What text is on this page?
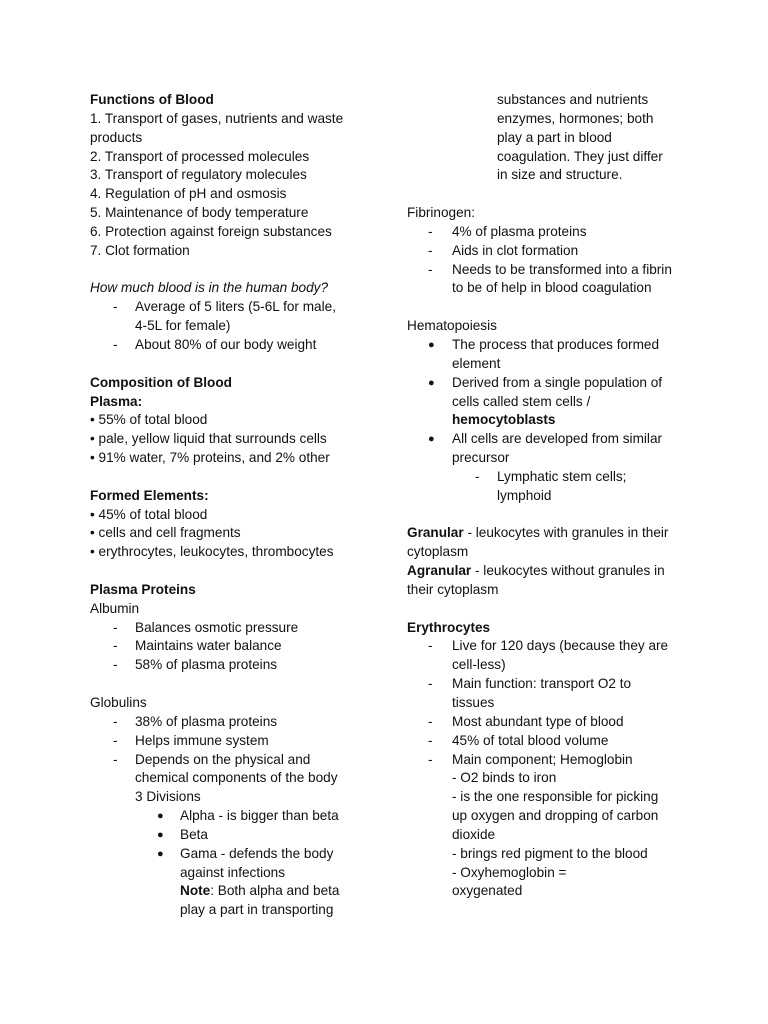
Functions of Blood
1. Transport of gases, nutrients and waste
products
2. Transport of processed molecules
3. Transport of regulatory molecules
4. Regulation of pH and osmosis
5. Maintenance of body temperature
6. Protection against foreign substances
7. Clot formation
How much blood is in the human body?
- Average of 5 liters (5-6L for male,
4-5L for female)
- About 80% of our body weight
Composition of Blood
Plasma:
• 55% of total blood
• pale, yellow liquid that surrounds cells
• 91% water, 7% proteins, and 2% other
Formed Elements:
• 45% of total blood
• cells and cell fragments
• erythrocytes, leukocytes, thrombocytes
Plasma Proteins
Albumin
- Balances osmotic pressure
- Maintains water balance
- 58% of plasma proteins
Globulins
- 38% of plasma proteins
- Helps immune system
- Depends on the physical and
chemical components of the body
3 Divisions
● Alpha - is bigger than beta
● Beta
● Gama - defends the body
against infections
Note: Both alpha and beta
play a part in transporting
substances and nutrients
enzymes, hormones; both
play a part in blood
coagulation. They just differ
in size and structure.
Fibrinogen:
- 4% of plasma proteins
- Aids in clot formation
- Needs to be transformed into a fibrin
to be of help in blood coagulation
Hematopoiesis
● The process that produces formed
element
● Derived from a single population of
cells called stem cells /
hemocytoblasts
● All cells are developed from similar
precursor
- Lymphatic stem cells;
lymphoid
Granular - leukocytes with granules in their
cytoplasm
Agranular - leukocytes without granules in
their cytoplasm
Erythrocytes
- Live for 120 days (because they are
cell-less)
- Main function: transport O2 to
tissues
- Most abundant type of blood
- 45% of total blood volume
- Main component; Hemoglobin
- O2 binds to iron
- is the one responsible for picking
up oxygen and dropping of carbon
dioxide
- brings red pigment to the blood
- Oxyhemoglobin =
oxygenated
